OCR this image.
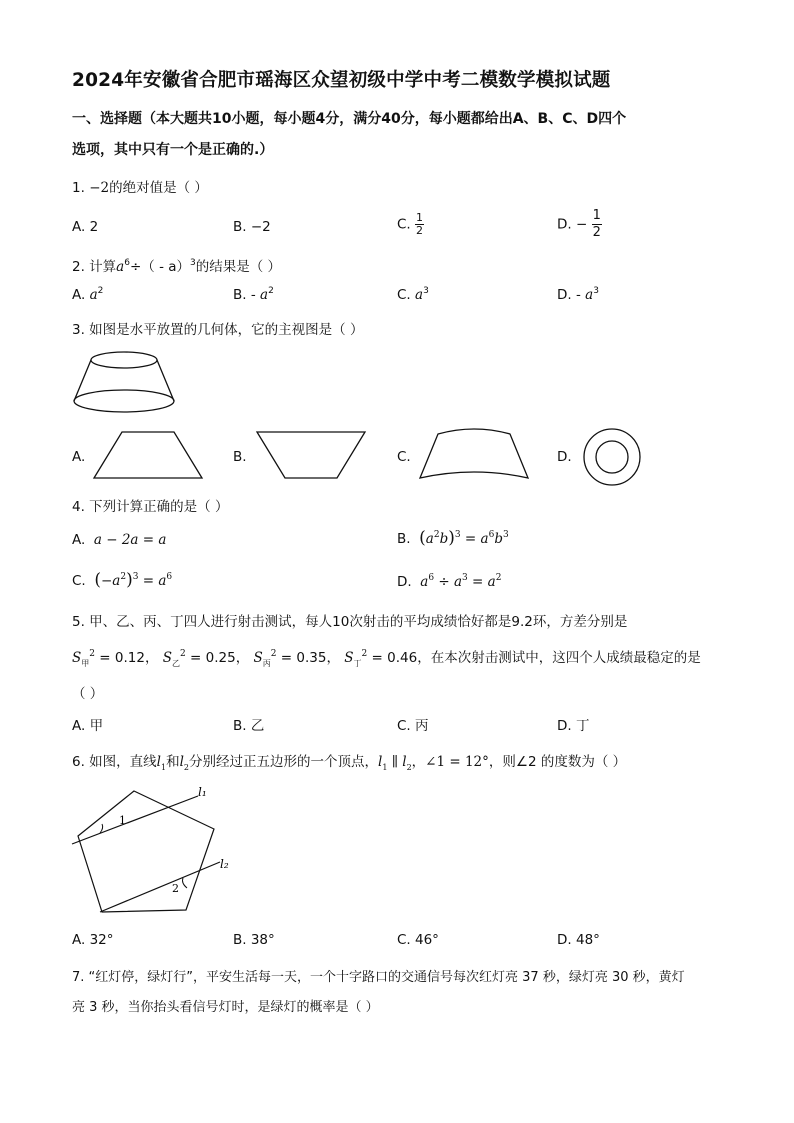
2024年安徽省合肥市瑶海区众望初级中学中考二模数学模拟试题
一、选择题（本大题共10小题，每小题4分，满分40分，每小题都给出A、B、C、D四个
选项，其中只有一个是正确的.）
1. −2的绝对值是（ ）
A. 2	B. −2	C. $\frac{1}{2}$	D. − $\frac{1}{2}$
2. 计算$a^6\div( - a)^3$的结果是（ ）
A. $a^2$	B. - $a^2$	C. $a^3$	D. - $a^3$
3. 如图是水平放置的几何体，它的主视图是（ ）
A.	B.	C.	D.
4. 下列计算正确的是（ ）
A. a − 2a = a	B. $(a^2b)^3 = a^6b^3$
C. $(-a^2)^3 = a^6$	D. $a^6 \div a^3 = a^2$
5. 甲、乙、丙、丁四人进行射击测试，每人10次射击的平均成绩恰好都是9.2环，方差分别是
$S_甲^2 = 0.12$， $S_乙^2 = 0.25$， $S_丙^2 = 0.35$， $S_丁^2 = 0.46$，在本次射击测试中，这四个人成绩最稳定的是
（ ）
A. 甲	B. 乙	C. 丙	D. 丁
6. 如图，直线$l_1$和$l_2$分别经过正五边形的一个顶点，$l_1$ ∥ $l_2$，∠1 = 12°，则∠2 的度数为（ ）
1
2
l₁
l₂
A. 32°	B. 38°	C. 46°	D. 48°
7. “红灯停，绿灯行”，平安生活每一天，一个十字路口的交通信号每次红灯亮 37 秒，绿灯亮 30 秒，黄灯
亮 3 秒，当你抬头看信号灯时，是绿灯的概率是（ ）
